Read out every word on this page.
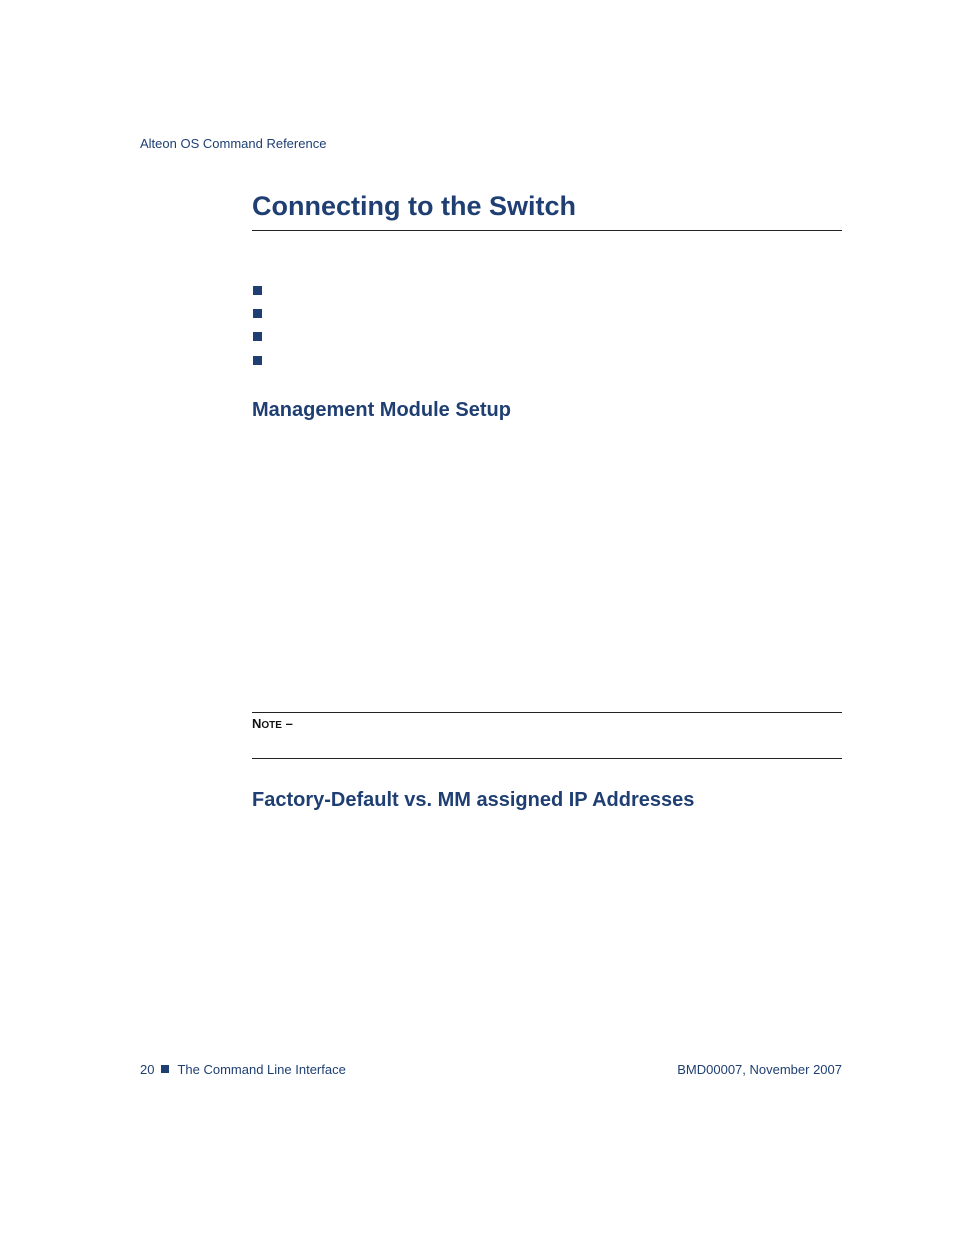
Alteon OS Command Reference
Connecting to the Switch
Management Module Setup
NOTE –
Factory-Default vs. MM assigned IP Addresses
20 The Command Line Interface	BMD00007, November 2007
